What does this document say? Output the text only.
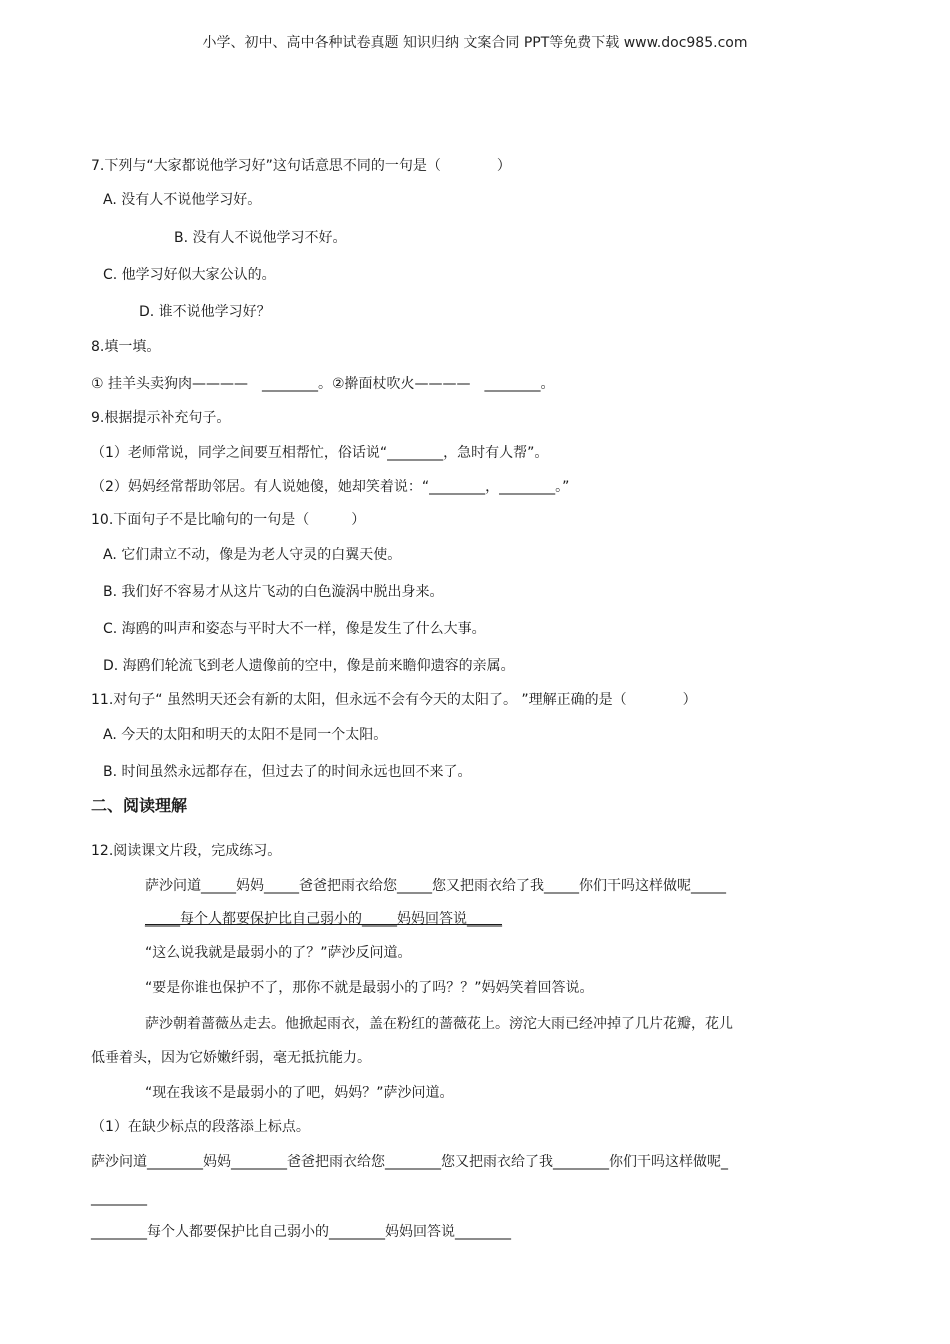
小学、初中、高中各种试卷真题 知识归纳 文案合同 PPT等免费下载 www.doc985.com
7.下列与“大家都说他学习好”这句话意思不同的一句是（　　　　）
A. 没有人不说他学习好。
B. 没有人不说他学习不好。
C. 他学习好似大家公认的。
D. 谁不说他学习好？
8.填一填。
① 挂羊头卖狗肉————　________。②擀面杖吹火————　________。
9.根据提示补充句子。
（1）老师常说，同学之间要互相帮忙，俗话说“________，急时有人帮”。
（2）妈妈经常帮助邻居。有人说她傻，她却笑着说：“________，________。”
10.下面句子不是比喻句的一句是（　　　）
A. 它们肃立不动，像是为老人守灵的白翼天使。
B. 我们好不容易才从这片飞动的白色漩涡中脱出身来。
C. 海鸥的叫声和姿态与平时大不一样，像是发生了什么大事。
D. 海鸥们轮流飞到老人遗像前的空中，像是前来瞻仰遗容的亲属。
11.对句子“ 虽然明天还会有新的太阳，但永远不会有今天的太阳了。 ”理解正确的是（　　　　）
A. 今天的太阳和明天的太阳不是同一个太阳。
B. 时间虽然永远都存在，但过去了的时间永远也回不来了。
二、阅读理解
12.阅读课文片段，完成练习。
萨沙问道_____妈妈_____爸爸把雨衣给您_____您又把雨衣给了我_____你们干吗这样做呢_____
_____每个人都要保护比自己弱小的_____妈妈回答说_____
“这么说我就是最弱小的了？”萨沙反问道。
“要是你谁也保护不了，那你不就是最弱小的了吗？？”妈妈笑着回答说。
萨沙朝着蔷薇丛走去。他掀起雨衣，盖在粉红的蔷薇花上。滂沱大雨已经冲掉了几片花瓣，花儿
低垂着头，因为它娇嫩纤弱，毫无抵抗能力。
“现在我该不是最弱小的了吧，妈妈？”萨沙问道。
（1）在缺少标点的段落添上标点。
萨沙问道________妈妈________爸爸把雨衣给您________您又把雨衣给了我________你们干吗这样做呢_
________
________每个人都要保护比自己弱小的________妈妈回答说________
